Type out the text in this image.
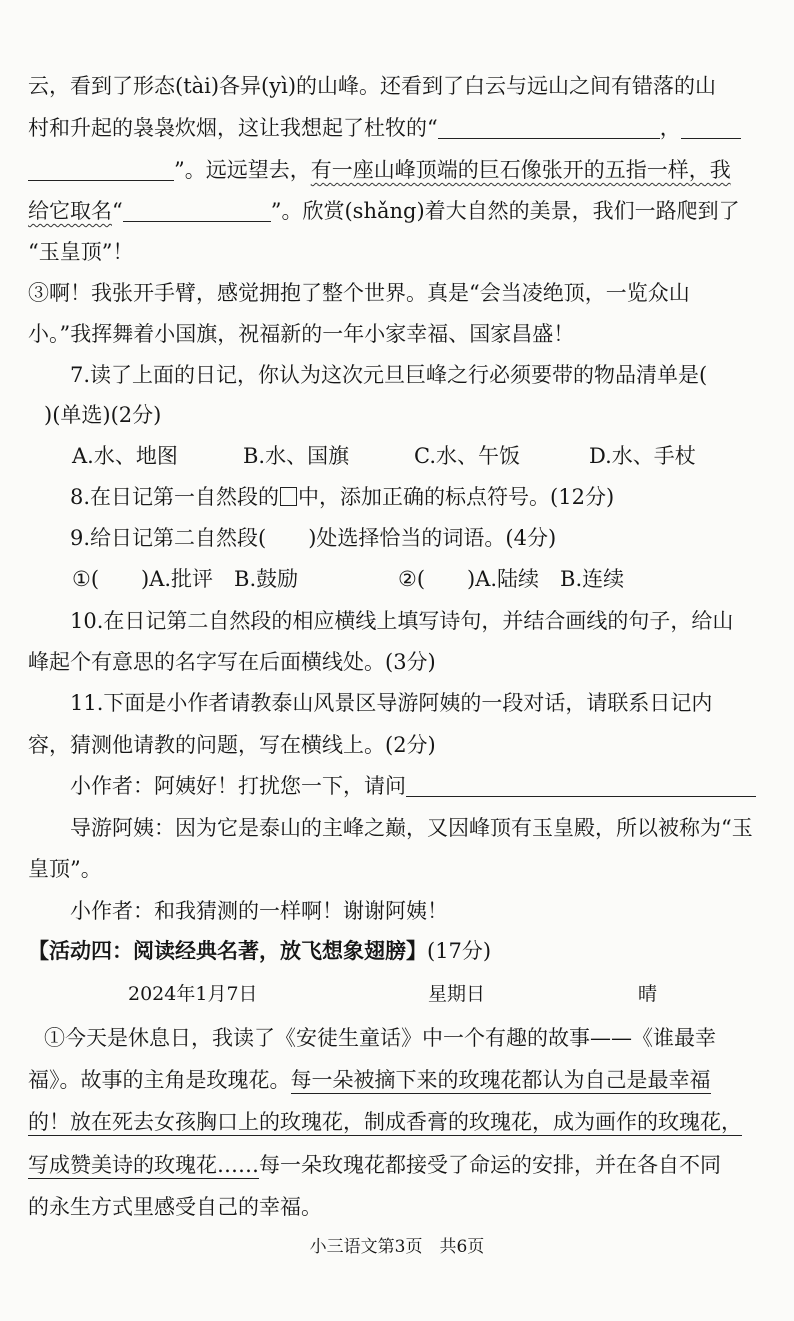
云，看到了形态(tài)各异(yì)的山峰。还看到了白云与远山之间有错落的山
村和升起的袅袅炊烟，这让我想起了杜牧的“	，
”。远远望去，有一座山峰顶端的巨石像张开的五指一样，我
给它取名“	”。欣赏(shǎng)着大自然的美景，我们一路爬到了
“玉皇顶”！
③啊！我张开手臂，感觉拥抱了整个世界。真是“会当凌绝顶，一览众山
小。”我挥舞着小国旗，祝福新的一年小家幸福、国家昌盛！
7.读了上面的日记，你认为这次元旦巨峰之行必须要带的物品清单是(
)(单选)(2分)
A.水、地图	B.水、国旗	C.水、午饭	D.水、手杖
8.在日记第一自然段的 中，添加正确的标点符号。(12分)
9.给日记第二自然段(　　)处选择恰当的词语。(4分)
①(　　)A.批评　B.鼓励	②(　　)A.陆续　B.连续
10.在日记第二自然段的相应横线上填写诗句，并结合画线的句子，给山
峰起个有意思的名字写在后面横线处。(3分)
11.下面是小作者请教泰山风景区导游阿姨的一段对话，请联系日记内
容，猜测他请教的问题，写在横线上。(2分)
小作者：阿姨好！打扰您一下，请问
导游阿姨：因为它是泰山的主峰之巅，又因峰顶有玉皇殿，所以被称为“玉
皇顶”。
小作者：和我猜测的一样啊！谢谢阿姨！
【活动四：阅读经典名著，放飞想象翅膀】(17分)
2024年1月7日	星期日	晴
①今天是休息日，我读了《安徒生童话》中一个有趣的故事——《谁最幸
福》。故事的主角是玫瑰花。每一朵被摘下来的玫瑰花都认为自己是最幸福
的！放在死去女孩胸口上的玫瑰花，制成香膏的玫瑰花，成为画作的玫瑰花，
写成赞美诗的玫瑰花……每一朵玫瑰花都接受了命运的安排，并在各自不同
的永生方式里感受自己的幸福。
小三语文第3页　共6页
